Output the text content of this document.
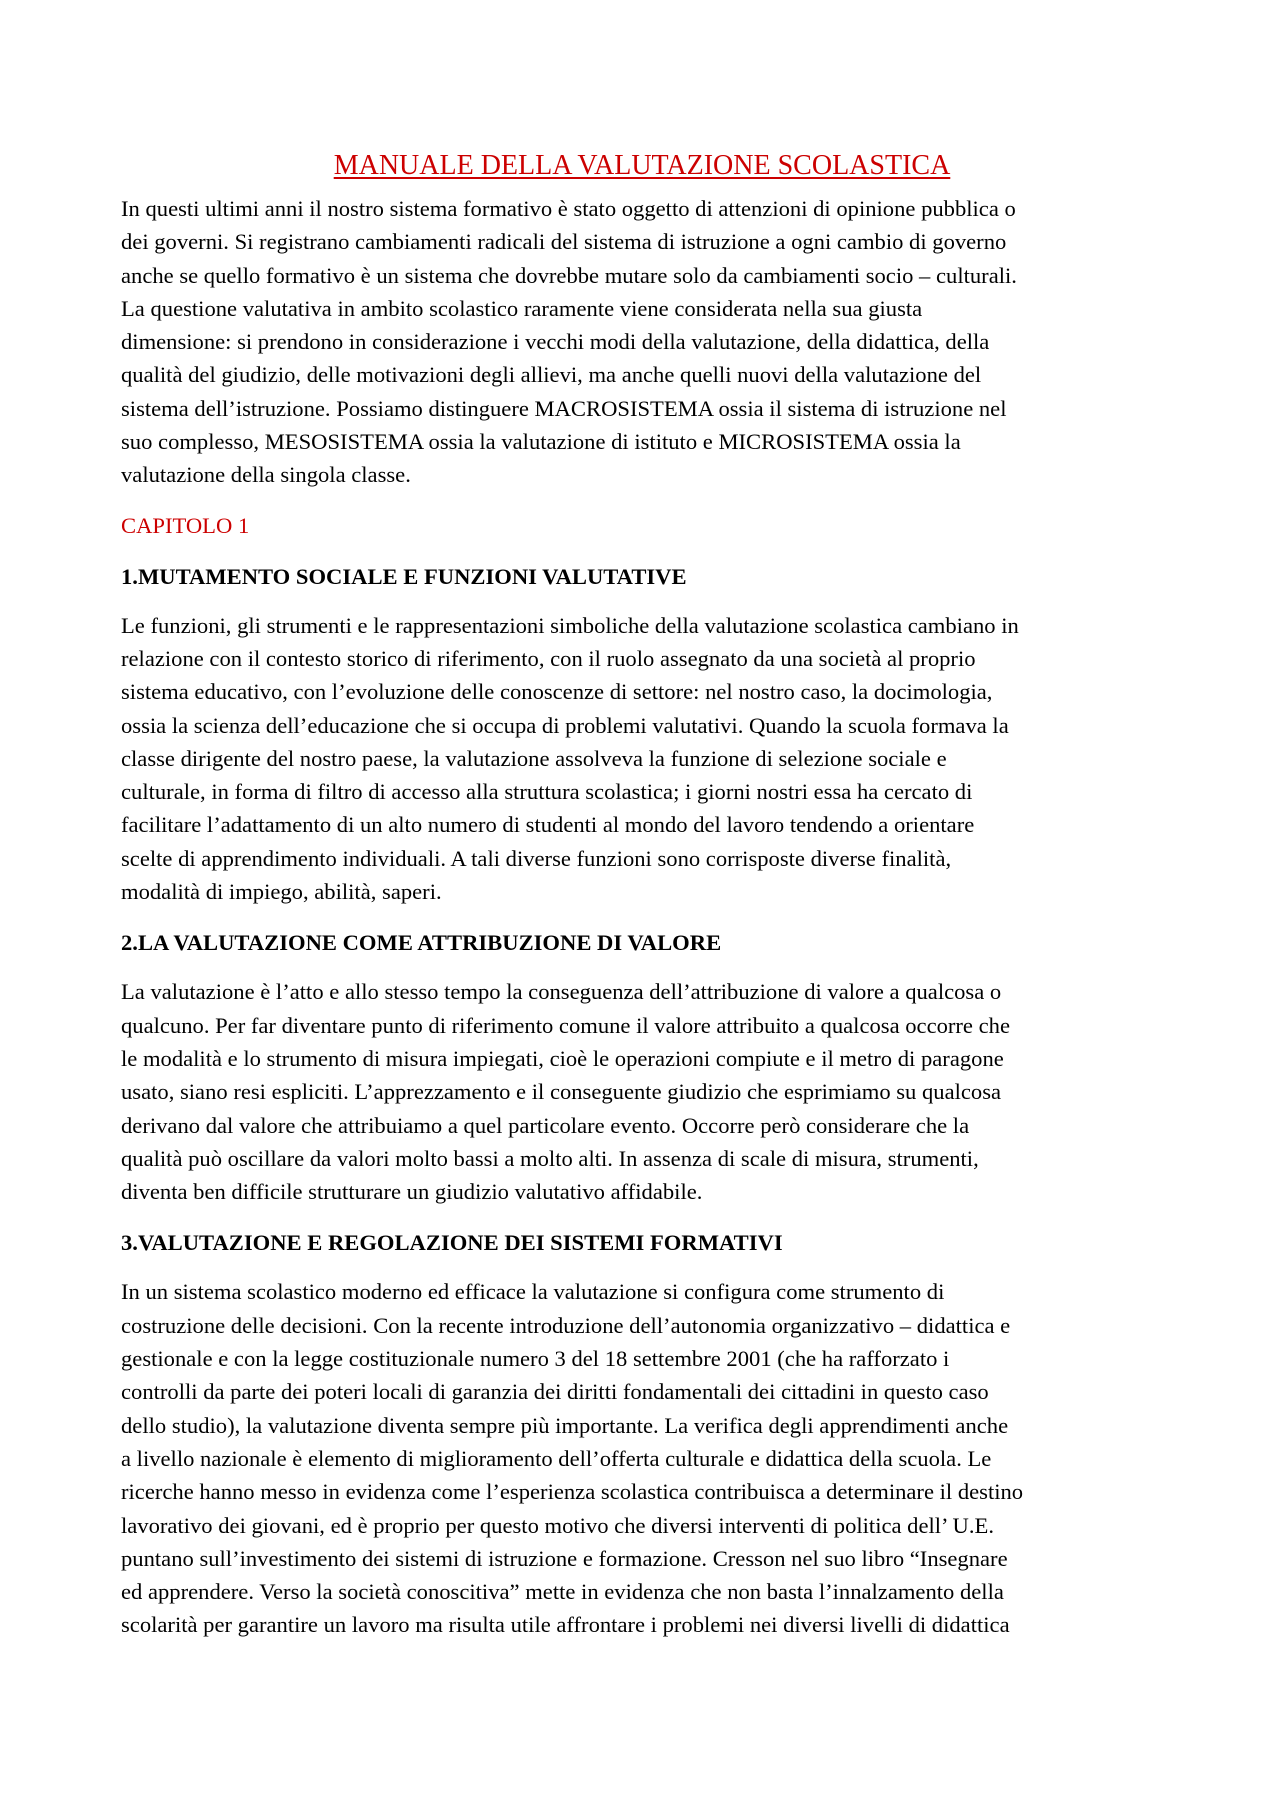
MANUALE DELLA VALUTAZIONE SCOLASTICA
In questi ultimi anni il nostro sistema formativo è stato oggetto di attenzioni di opinione pubblica o
dei governi. Si registrano cambiamenti radicali del sistema di istruzione a ogni cambio di governo
anche se quello formativo è un sistema che dovrebbe mutare solo da cambiamenti socio – culturali.
La questione valutativa in ambito scolastico raramente viene considerata nella sua giusta
dimensione: si prendono in considerazione i vecchi modi della valutazione, della didattica, della
qualità del giudizio, delle motivazioni degli allievi, ma anche quelli nuovi della valutazione del
sistema dell’istruzione. Possiamo distinguere MACROSISTEMA ossia il sistema di istruzione nel
suo complesso, MESOSISTEMA ossia la valutazione di istituto e MICROSISTEMA ossia la
valutazione della singola classe.
CAPITOLO 1
1.MUTAMENTO SOCIALE E FUNZIONI VALUTATIVE
Le funzioni, gli strumenti e le rappresentazioni simboliche della valutazione scolastica cambiano in
relazione con il contesto storico di riferimento, con il ruolo assegnato da una società al proprio
sistema educativo, con l’evoluzione delle conoscenze di settore: nel nostro caso, la docimologia,
ossia la scienza dell’educazione che si occupa di problemi valutativi. Quando la scuola formava la
classe dirigente del nostro paese, la valutazione assolveva la funzione di selezione sociale e
culturale, in forma di filtro di accesso alla struttura scolastica; i giorni nostri essa ha cercato di
facilitare l’adattamento di un alto numero di studenti al mondo del lavoro tendendo a orientare
scelte di apprendimento individuali. A tali diverse funzioni sono corrisposte diverse finalità,
modalità di impiego, abilità, saperi.
2.LA VALUTAZIONE COME ATTRIBUZIONE DI VALORE
La valutazione è l’atto e allo stesso tempo la conseguenza dell’attribuzione di valore a qualcosa o
qualcuno. Per far diventare punto di riferimento comune il valore attribuito a qualcosa occorre che
le modalità e lo strumento di misura impiegati, cioè le operazioni compiute e il metro di paragone
usato, siano resi espliciti. L’apprezzamento e il conseguente giudizio che esprimiamo su qualcosa
derivano dal valore che attribuiamo a quel particolare evento. Occorre però considerare che la
qualità può oscillare da valori molto bassi a molto alti. In assenza di scale di misura, strumenti,
diventa ben difficile strutturare un giudizio valutativo affidabile.
3.VALUTAZIONE E REGOLAZIONE DEI SISTEMI FORMATIVI
In un sistema scolastico moderno ed efficace la valutazione si configura come strumento di
costruzione delle decisioni. Con la recente introduzione dell’autonomia organizzativo – didattica e
gestionale e con la legge costituzionale numero 3 del 18 settembre 2001 (che ha rafforzato i
controlli da parte dei poteri locali di garanzia dei diritti fondamentali dei cittadini in questo caso
dello studio), la valutazione diventa sempre più importante. La verifica degli apprendimenti anche
a livello nazionale è elemento di miglioramento dell’offerta culturale e didattica della scuola. Le
ricerche hanno messo in evidenza come l’esperienza scolastica contribuisca a determinare il destino
lavorativo dei giovani, ed è proprio per questo motivo che diversi interventi di politica dell’ U.E.
puntano sull’investimento dei sistemi di istruzione e formazione. Cresson nel suo libro “Insegnare
ed apprendere. Verso la società conoscitiva” mette in evidenza che non basta l’innalzamento della
scolarità per garantire un lavoro ma risulta utile affrontare i problemi nei diversi livelli di didattica
